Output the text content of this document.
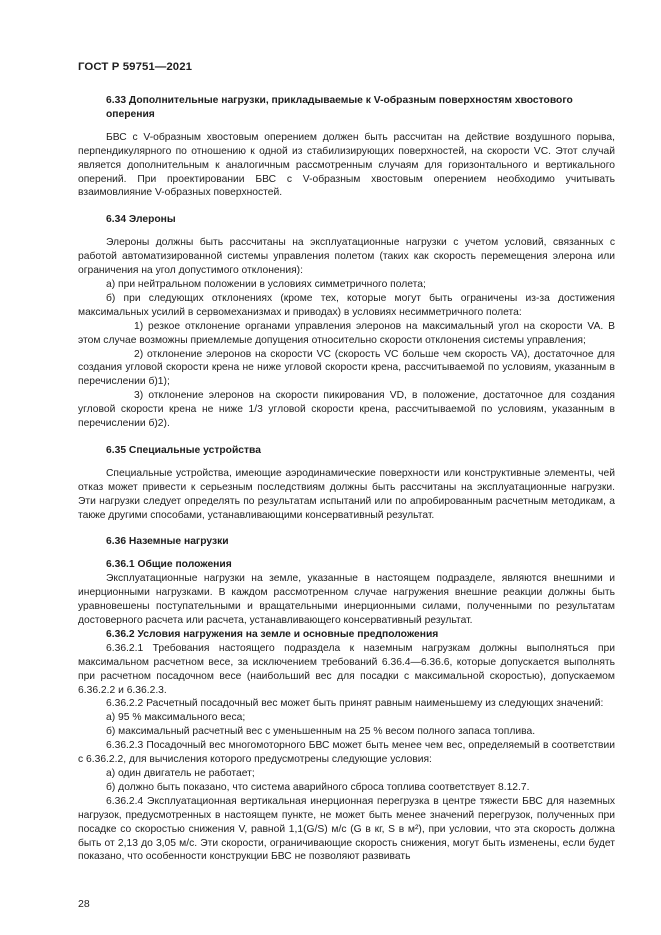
ГОСТ Р 59751—2021

6.33 Дополнительные нагрузки, прикладываемые к V-образным поверхностям хвостового

оперения

БВС с V-образным хвостовым оперением должен быть рассчитан на действие воздушного порыва, перпендикулярного по отношению к одной из стабилизирующих поверхностей, на скорости VC. Этот случай является дополнительным к аналогичным рассмотренным случаям для горизонтального и вертикального оперений. При проектировании БВС с V-образным хвостовым оперением необходимо учитывать взаимовлияние V-образных поверхностей.

6.34 Элероны

Элероны должны быть рассчитаны на эксплуатационные нагрузки с учетом условий, связанных с работой автоматизированной системы управления полетом (таких как скорость перемещения элерона или ограничения на угол допустимого отклонения):

а) при нейтральном положении в условиях симметричного полета;

б) при следующих отклонениях (кроме тех, которые могут быть ограничены из-за достижения максимальных усилий в сервомеханизмах и приводах) в условиях несимметричного полета:

1) резкое отклонение органами управления элеронов на максимальный угол на скорости VA. В этом случае возможны приемлемые допущения относительно скорости отклонения системы управления;

2) отклонение элеронов на скорости VC (скорость VC больше чем скорость VA), достаточное для создания угловой скорости крена не ниже угловой скорости крена, рассчитываемой по условиям, указанным в перечислении б)1);

3) отклонение элеронов на скорости пикирования VD, в положение, достаточное для создания угловой скорости крена не ниже 1/3 угловой скорости крена, рассчитываемой по условиям, указанным в перечислении б)2).

6.35 Специальные устройства

Специальные устройства, имеющие аэродинамические поверхности или конструктивные элементы, чей отказ может привести к серьезным последствиям должны быть рассчитаны на эксплуатационные нагрузки. Эти нагрузки следует определять по результатам испытаний или по апробированным расчетным методикам, а также другими способами, устанавливающими консервативный результат.

6.36 Наземные нагрузки

6.36.1 Общие положения

Эксплуатационные нагрузки на земле, указанные в настоящем подразделе, являются внешними и инерционными нагрузками. В каждом рассмотренном случае нагружения внешние реакции должны быть уравновешены поступательными и вращательными инерционными силами, полученными по результатам достоверного расчета или расчета, устанавливающего консервативный результат.

6.36.2 Условия нагружения на земле и основные предположения

6.36.2.1 Требования настоящего подраздела к наземным нагрузкам должны выполняться при максимальном расчетном весе, за исключением требований 6.36.4—6.36.6, которые допускается выполнять при расчетном посадочном весе (наибольший вес для посадки с максимальной скоростью), допускаемом 6.36.2.2 и 6.36.2.3.

6.36.2.2 Расчетный посадочный вес может быть принят равным наименьшему из следующих значений:

а) 95 % максимального веса;

б) максимальный расчетный вес с уменьшенным на 25 % весом полного запаса топлива.

6.36.2.3 Посадочный вес многомоторного БВС может быть менее чем вес, определяемый в соответствии с 6.36.2.2, для вычисления которого предусмотрены следующие условия:

а) один двигатель не работает;

б) должно быть показано, что система аварийного сброса топлива соответствует 8.12.7.

6.36.2.4 Эксплуатационная вертикальная инерционная перегрузка в центре тяжести БВС для наземных нагрузок, предусмотренных в настоящем пункте, не может быть менее значений перегрузок, полученных при посадке со скоростью снижения V, равной 1,1(G/S) м/с (G в кг, S в м²), при условии, что эта скорость должна быть от 2,13 до 3,05 м/с. Эти скорости, ограничивающие скорость снижения, могут быть изменены, если будет показано, что особенности конструкции БВС не позволяют развивать

28
